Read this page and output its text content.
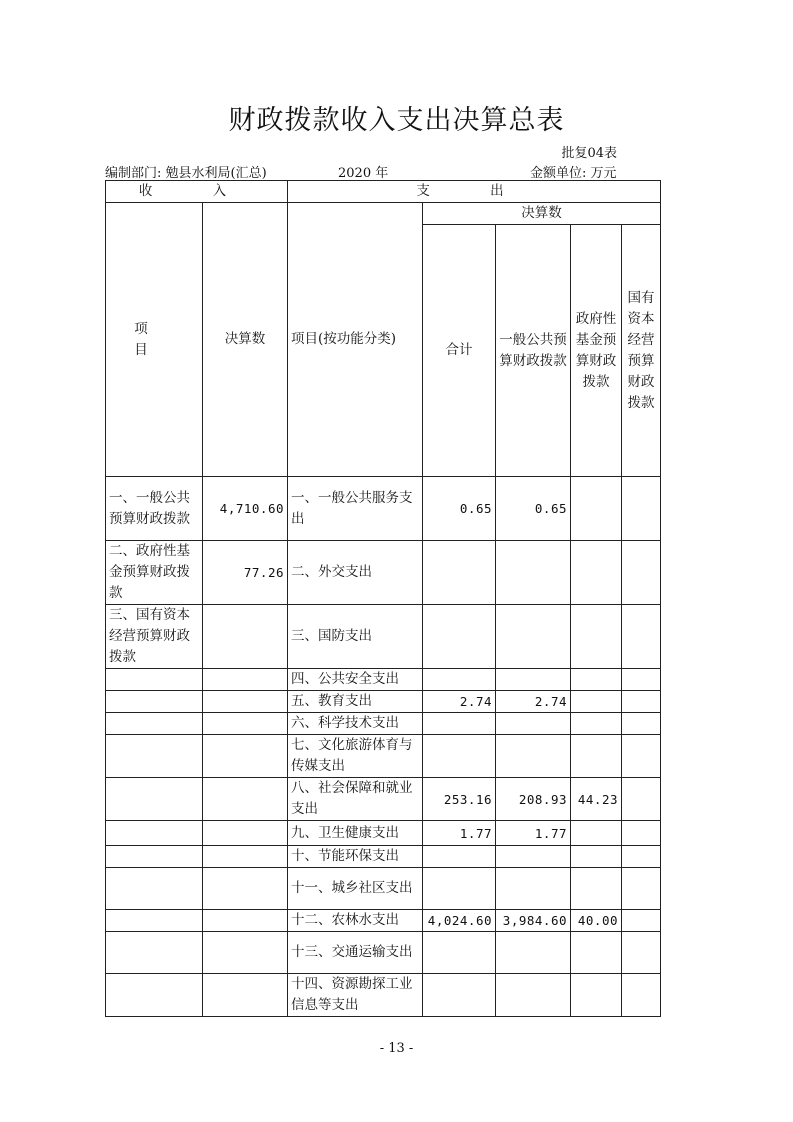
财政拨款收入支出决算总表
批复04表
编制部门: 勉县水利局(汇总)	2020 年	金额单位: 万元
收 入		支 出				
项 目	决算数	项目(按功能分类)	决算数			
			合计	一般公共预算财政拨款	政府性基金预算财政拨款	国有资本经营预算财政拨款
一、一般公共预算财政拨款	4,710.60	一、一般公共服务支出	0.65	0.65		
二、政府性基金预算财政拨款	77.26	二、外交支出				
三、国有资本经营预算财政拨款		三、国防支出				
		四、公共安全支出				
		五、教育支出	2.74	2.74		
		六、科学技术支出				
		七、文化旅游体育与传媒支出				
		八、社会保障和就业支出	253.16	208.93	44.23	
		九、卫生健康支出	1.77	1.77		
		十、节能环保支出				
		十一、城乡社区支出				
		十二、农林水支出	4,024.60	3,984.60	40.00	
		十三、交通运输支出				
		十四、资源勘探工业信息等支出				
- 13 -
